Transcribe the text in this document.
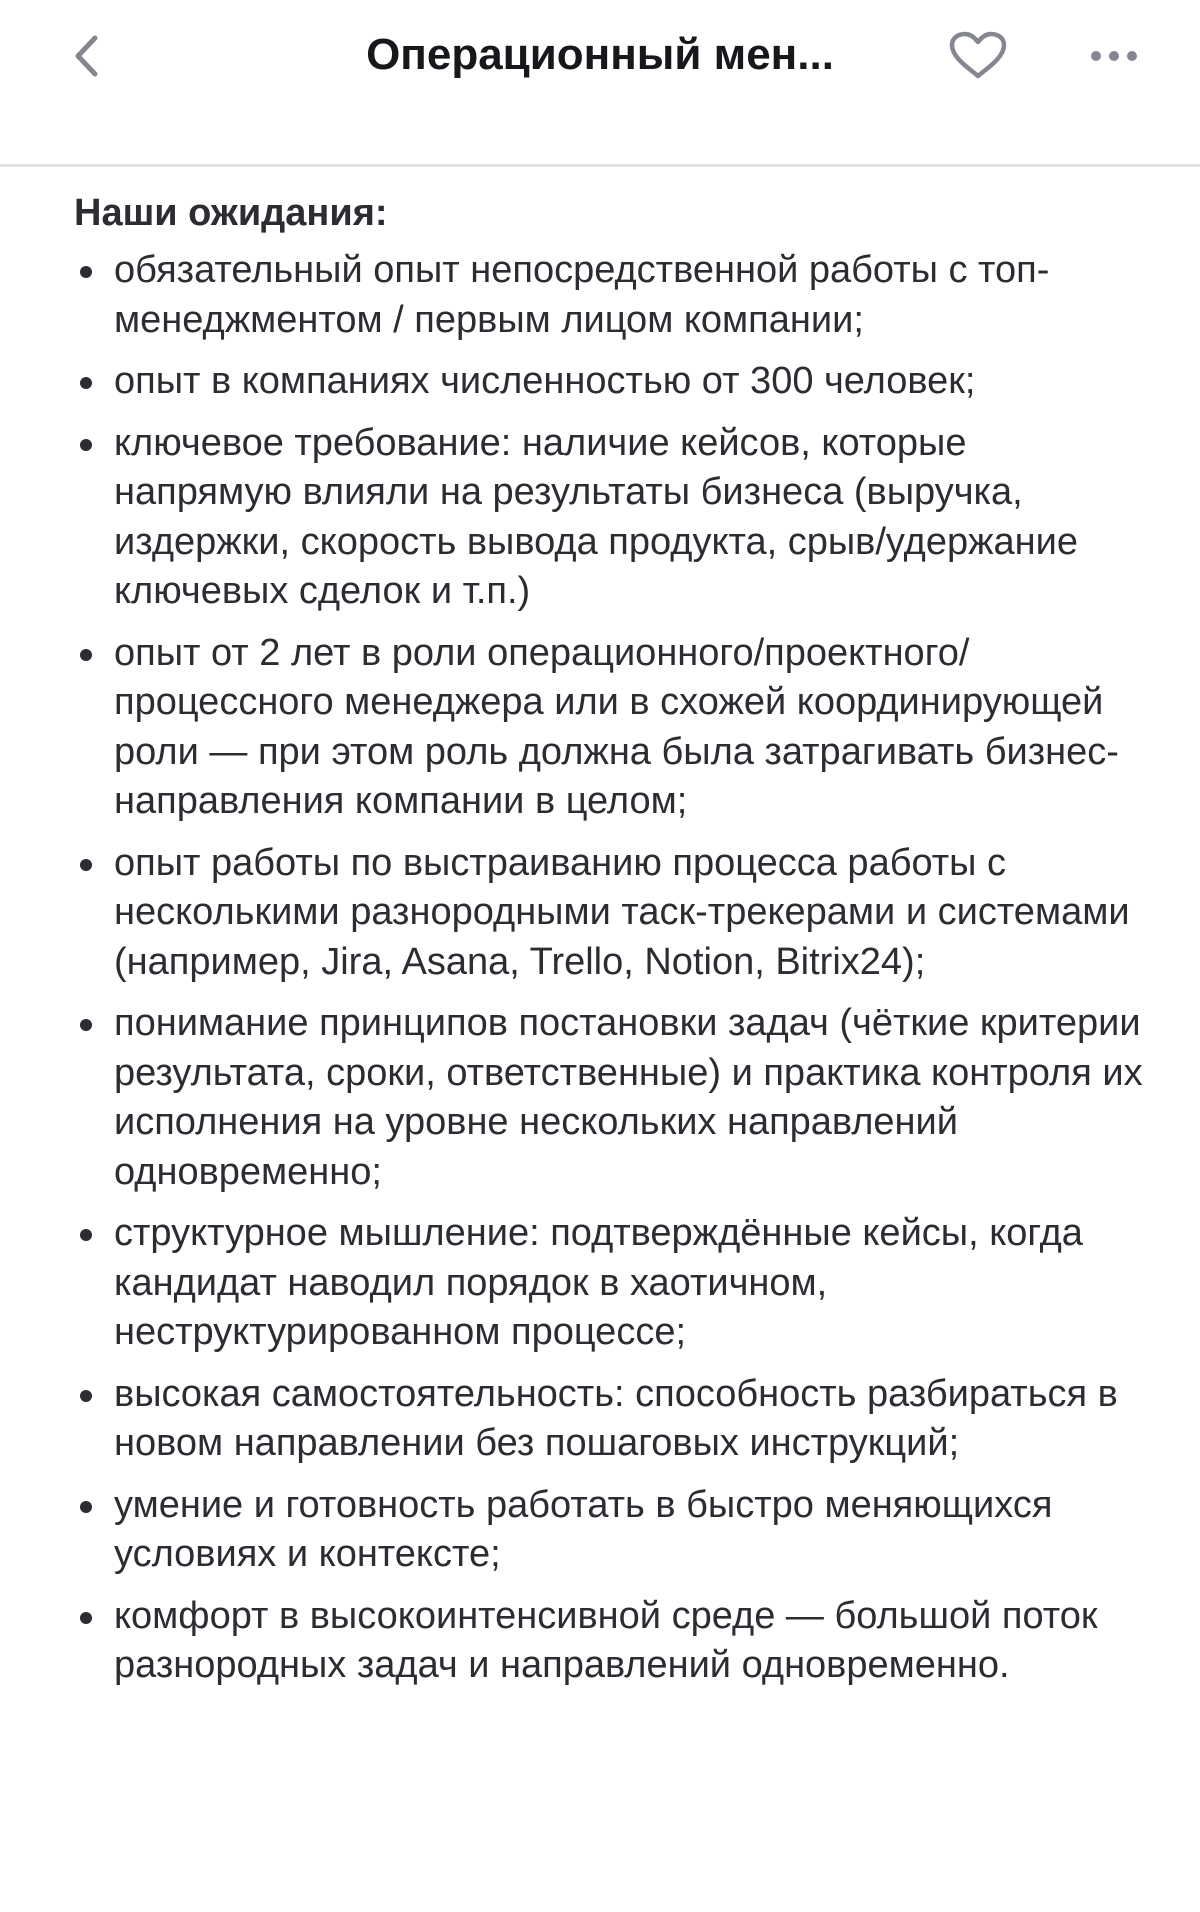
Операционный мен...
Наши ожидания:
обязательный опыт непосредственной работы с топ-менеджментом / первым лицом компании;
опыт в компаниях численностью от 300 человек;
ключевое требование: наличие кейсов, которые напрямую влияли на результаты бизнеса (выручка, издержки, скорость вывода продукта, срыв/удержание ключевых сделок и т.п.)
опыт от 2 лет в роли операционного/проектного/ процессного менеджера или в схожей координирующей роли — при этом роль должна была затрагивать бизнес-направления компании в целом;
опыт работы по выстраиванию процесса работы с несколькими разнородными таск-трекерами и системами (например, Jira, Asana, Trello, Notion, Bitrix24);
понимание принципов постановки задач (чёткие критерии результата, сроки, ответственные) и практика контроля их исполнения на уровне нескольких направлений одновременно;
структурное мышление: подтверждённые кейсы, когда кандидат наводил порядок в хаотичном, неструктурированном процессе;
высокая самостоятельность: способность разбираться в новом направлении без пошаговых инструкций;
умение и готовность работать в быстро меняющихся условиях и контексте;
комфорт в высокоинтенсивной среде — большой поток разнородных задач и направлений одновременно.
